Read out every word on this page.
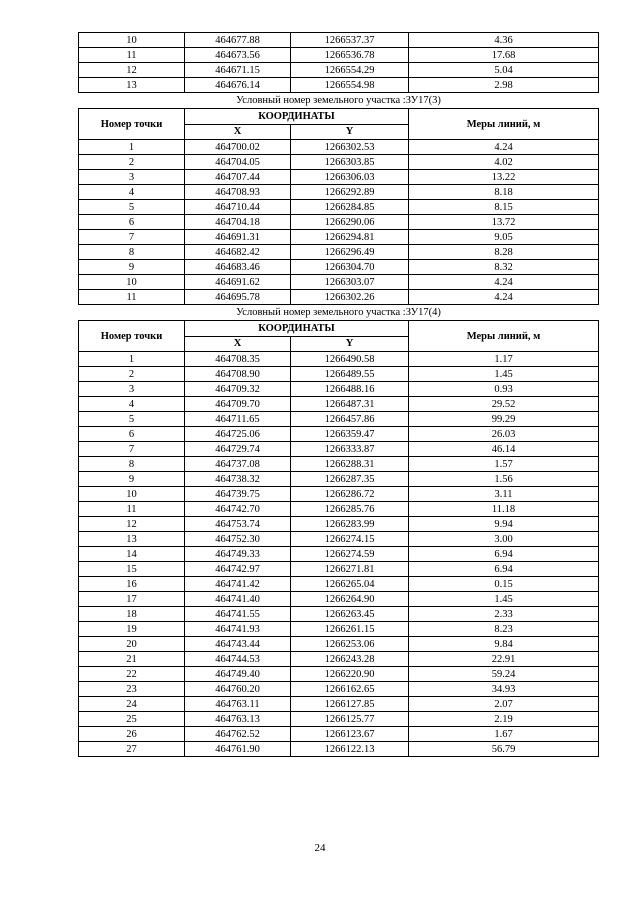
10	464677.88	1266537.37	4.36
11	464673.56	1266536.78	17.68
12	464671.15	1266554.29	5.04
13	464676.14	1266554.98	2.98
Условный номер земельного участка :ЗУ17(3)			
Номер точки	КООРДИНАТЫ		Меры линий, м
	X	Y	
1	464700.02	1266302.53	4.24
2	464704.05	1266303.85	4.02
3	464707.44	1266306.03	13.22
4	464708.93	1266292.89	8.18
5	464710.44	1266284.85	8.15
6	464704.18	1266290.06	13.72
7	464691.31	1266294.81	9.05
8	464682.42	1266296.49	8.28
9	464683.46	1266304.70	8.32
10	464691.62	1266303.07	4.24
11	464695.78	1266302.26	4.24
Условный номер земельного участка :ЗУ17(4)			
Номер точки	КООРДИНАТЫ		Меры линий, м
	X	Y	
1	464708.35	1266490.58	1.17
2	464708.90	1266489.55	1.45
3	464709.32	1266488.16	0.93
4	464709.70	1266487.31	29.52
5	464711.65	1266457.86	99.29
6	464725.06	1266359.47	26.03
7	464729.74	1266333.87	46.14
8	464737.08	1266288.31	1.57
9	464738.32	1266287.35	1.56
10	464739.75	1266286.72	3.11
11	464742.70	1266285.76	11.18
12	464753.74	1266283.99	9.94
13	464752.30	1266274.15	3.00
14	464749.33	1266274.59	6.94
15	464742.97	1266271.81	6.94
16	464741.42	1266265.04	0.15
17	464741.40	1266264.90	1.45
18	464741.55	1266263.45	2.33
19	464741.93	1266261.15	8.23
20	464743.44	1266253.06	9.84
21	464744.53	1266243.28	22.91
22	464749.40	1266220.90	59.24
23	464760.20	1266162.65	34.93
24	464763.11	1266127.85	2.07
25	464763.13	1266125.77	2.19
26	464762.52	1266123.67	1.67
27	464761.90	1266122.13	56.79
24
